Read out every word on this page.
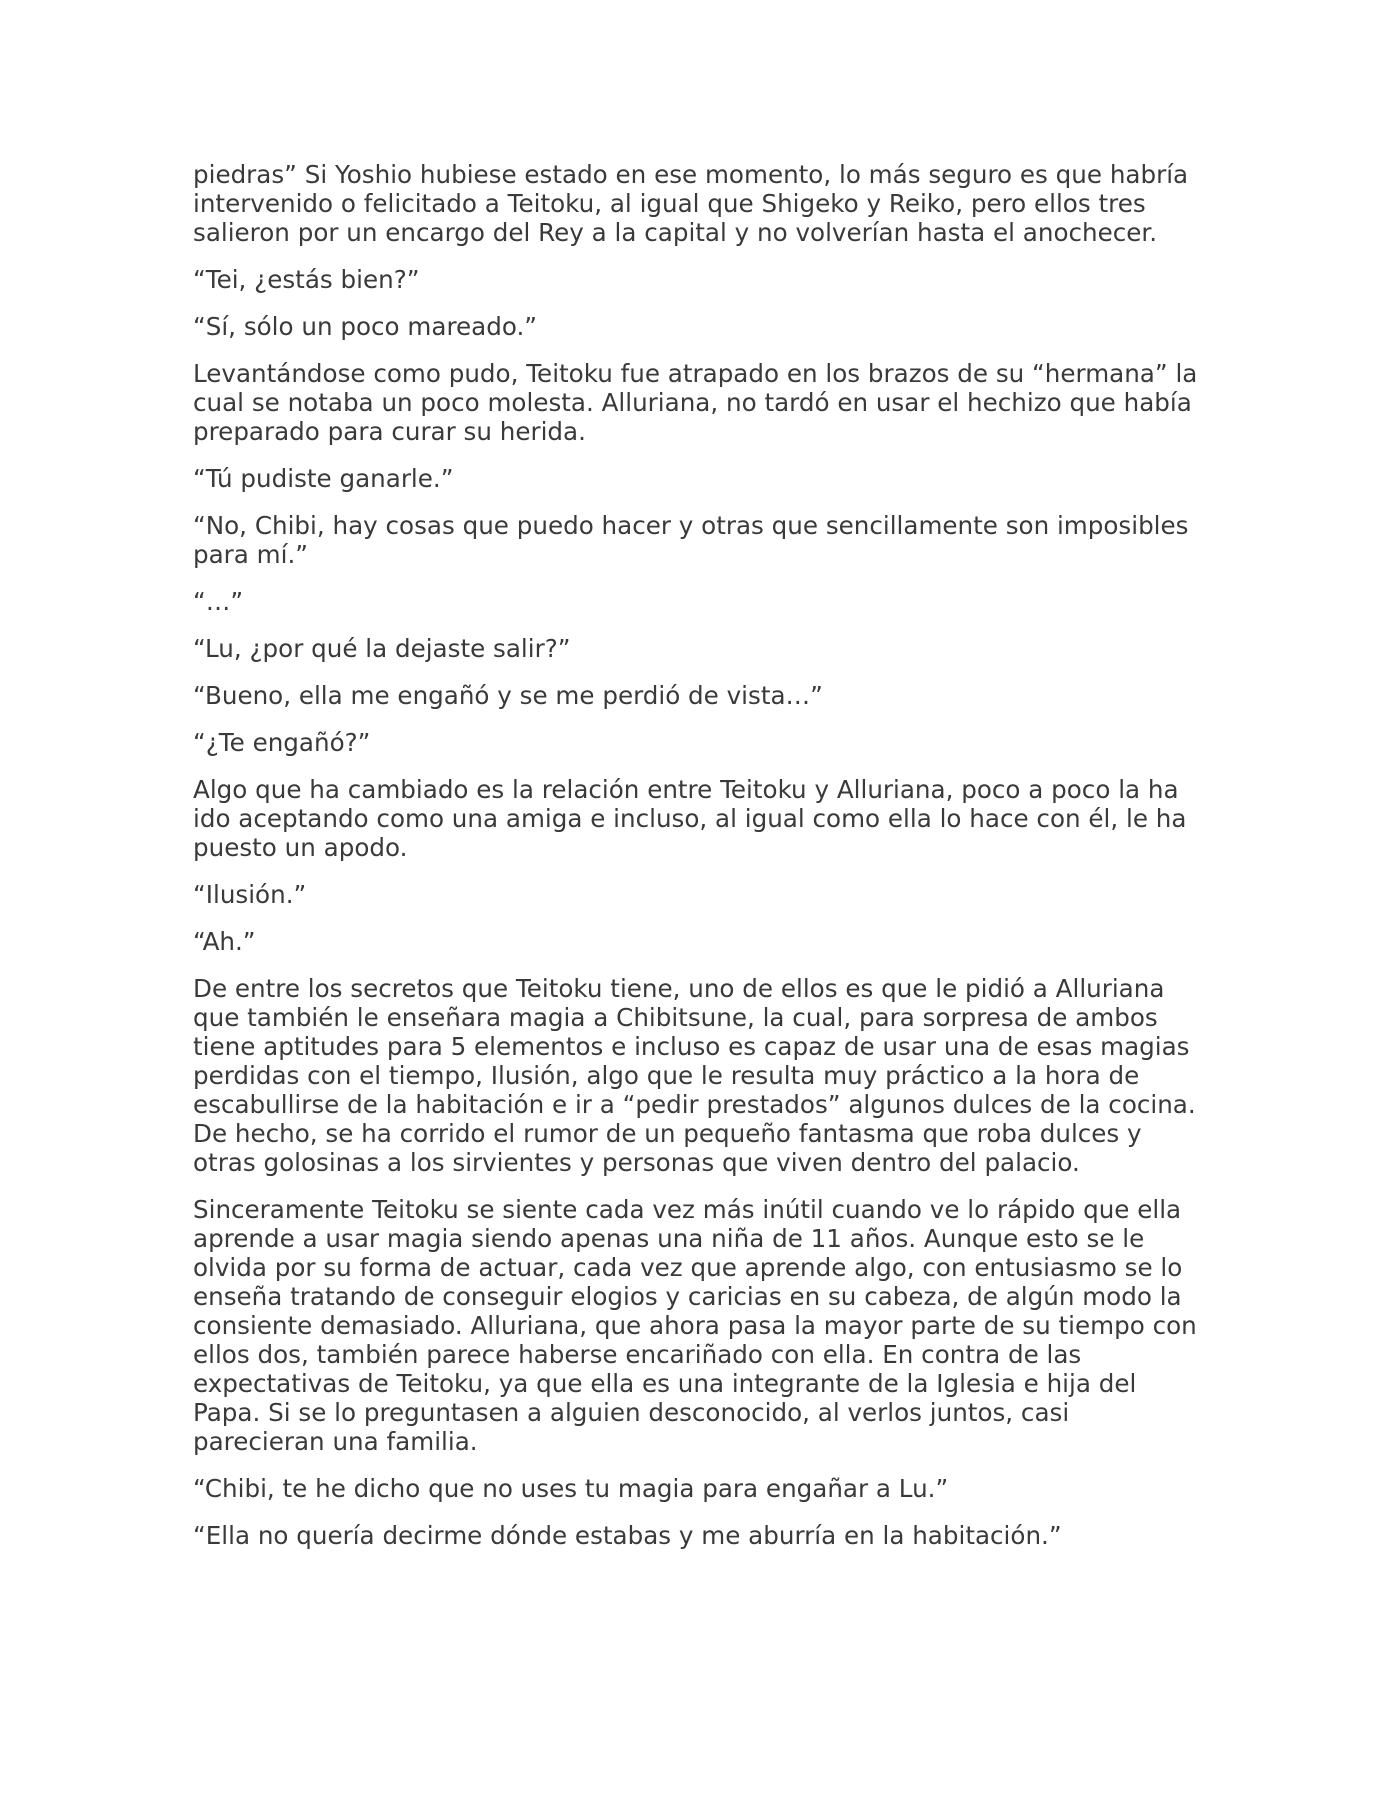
piedras” Si Yoshio hubiese estado en ese momento, lo más seguro es que habría intervenido o felicitado a Teitoku, al igual que Shigeko y Reiko, pero ellos tres salieron por un encargo del Rey a la capital y no volverían hasta el anochecer.

“Tei, ¿estás bien?”

“Sí, sólo un poco mareado.”

Levantándose como pudo, Teitoku fue atrapado en los brazos de su “hermana” la cual se notaba un poco molesta. Alluriana, no tardó en usar el hechizo que había preparado para curar su herida.

“Tú pudiste ganarle.”

“No, Chibi, hay cosas que puedo hacer y otras que sencillamente son imposibles para mí.”

“…”

“Lu, ¿por qué la dejaste salir?”

“Bueno, ella me engañó y se me perdió de vista…”

“¿Te engañó?”

Algo que ha cambiado es la relación entre Teitoku y Alluriana, poco a poco la ha ido aceptando como una amiga e incluso, al igual como ella lo hace con él, le ha puesto un apodo.

“Ilusión.”

“Ah.”

De entre los secretos que Teitoku tiene, uno de ellos es que le pidió a Alluriana que también le enseñara magia a Chibitsune, la cual, para sorpresa de ambos tiene aptitudes para 5 elementos e incluso es capaz de usar una de esas magias perdidas con el tiempo, Ilusión, algo que le resulta muy práctico a la hora de escabullirse de la habitación e ir a “pedir prestados” algunos dulces de la cocina. De hecho, se ha corrido el rumor de un pequeño fantasma que roba dulces y otras golosinas a los sirvientes y personas que viven dentro del palacio.

Sinceramente Teitoku se siente cada vez más inútil cuando ve lo rápido que ella aprende a usar magia siendo apenas una niña de 11 años. Aunque esto se le olvida por su forma de actuar, cada vez que aprende algo, con entusiasmo se lo enseña tratando de conseguir elogios y caricias en su cabeza, de algún modo la consiente demasiado. Alluriana, que ahora pasa la mayor parte de su tiempo con ellos dos, también parece haberse encariñado con ella. En contra de las expectativas de Teitoku, ya que ella es una integrante de la Iglesia e hija del Papa. Si se lo preguntasen a alguien desconocido, al verlos juntos, casi parecieran una familia.

“Chibi, te he dicho que no uses tu magia para engañar a Lu.”

“Ella no quería decirme dónde estabas y me aburría en la habitación.”
